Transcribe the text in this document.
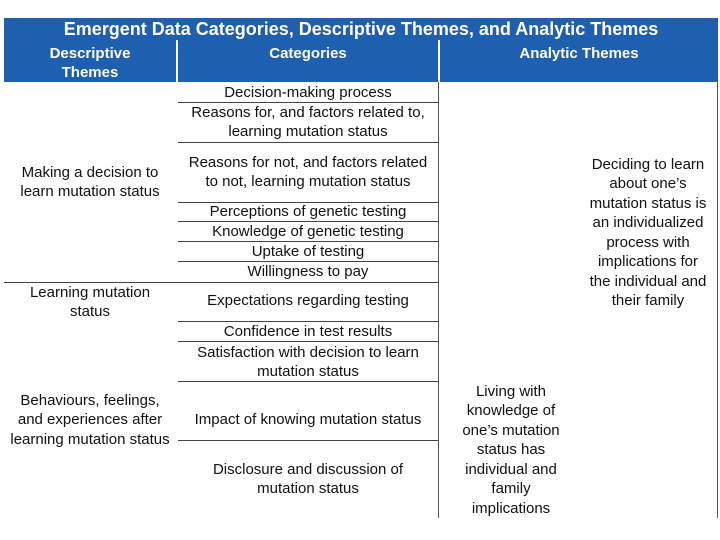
Emergent Data Categories, Descriptive Themes, and Analytic Themes
Descriptive Themes
Categories	Analytic Themes
Making a decision to learn mutation status
Learning mutation status
Behaviours, feelings, and experiences after learning mutation status
Decision-making process
Reasons for, and factors related to, learning mutation status
Reasons for not, and factors related to not, learning mutation status
Perceptions of genetic testing
Knowledge of genetic testing
Uptake of testing
Willingness to pay
Expectations regarding testing
Confidence in test results
Satisfaction with decision to learn mutation status
Impact of knowing mutation status
Disclosure and discussion of mutation status
Deciding to learn about one’s mutation status is an individualized process with implications for the individual and their family
Living with knowledge of one’s mutation status has individual and family implications
